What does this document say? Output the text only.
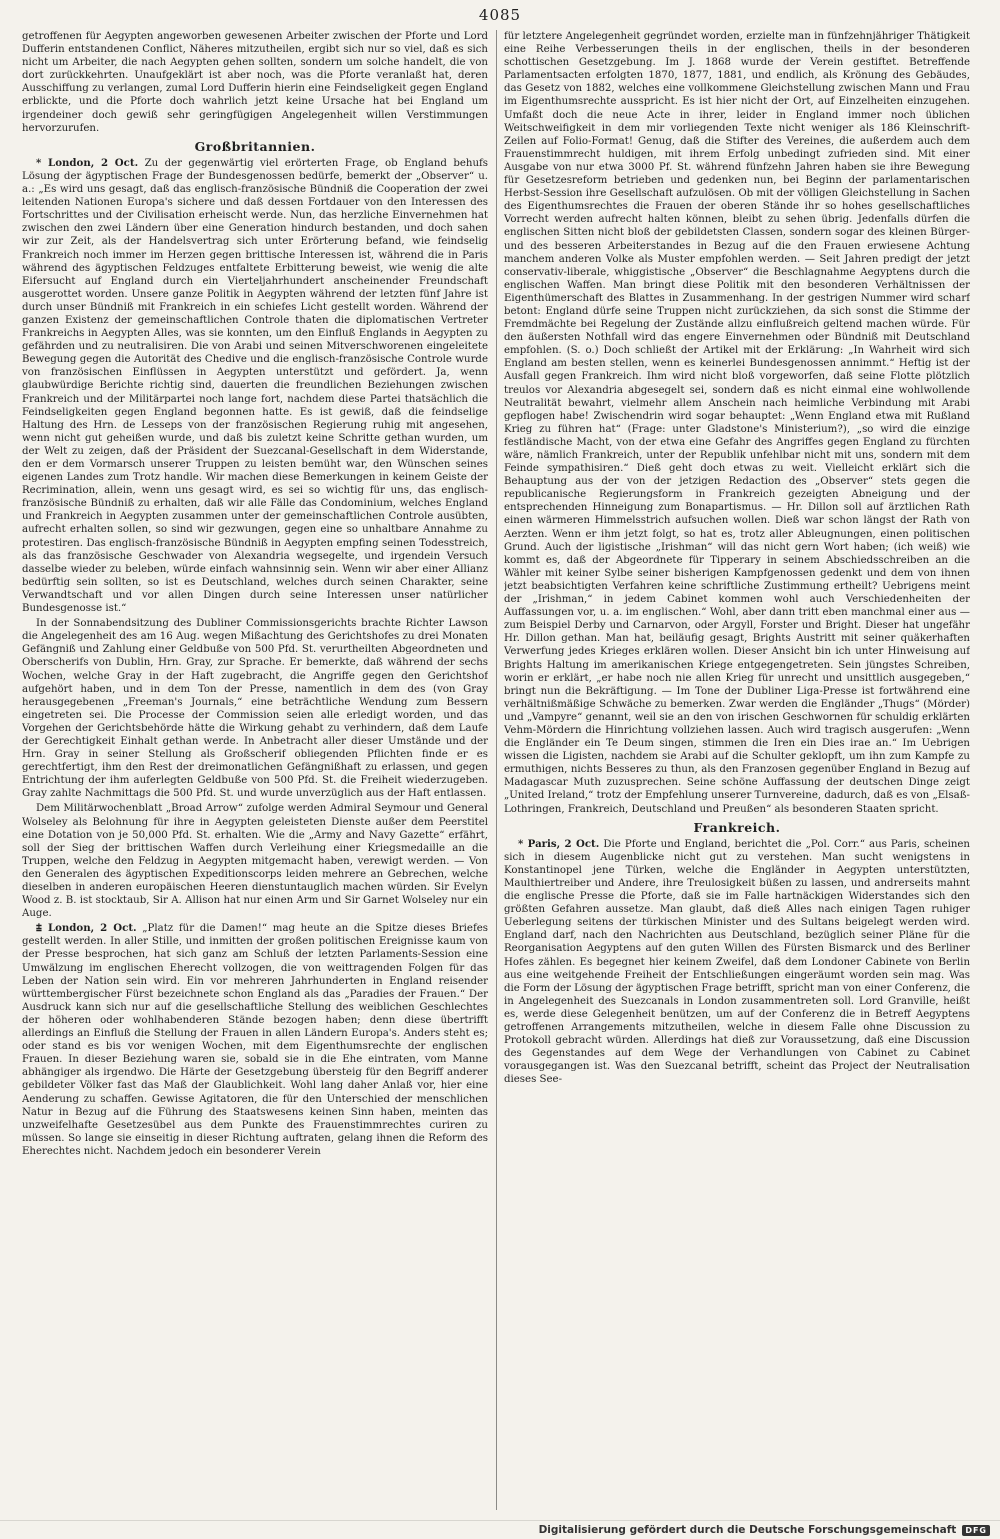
4085

getroffenen für Aegypten angeworben gewesenen Arbeiter zwischen der Pforte und Lord Dufferin entstandenen Conflict, Näheres mitzutheilen, ergibt sich nur so viel, daß es sich nicht um Arbeiter, die nach Aegypten gehen sollten, sondern um solche handelt, die von dort zurückkehrten. Unaufgeklärt ist aber noch, was die Pforte veranlaßt hat, deren Ausschiffung zu verlangen, zumal Lord Dufferin hierin eine Feindseligkeit gegen England erblickte, und die Pforte doch wahrlich jetzt keine Ursache hat bei England um irgendeiner doch gewiß sehr geringfügigen Angelegenheit willen Verstimmungen hervorzurufen.

Großbritannien.

* London, 2 Oct. Zu der gegenwärtig viel erörterten Frage, ob England behufs Lösung der ägyptischen Frage der Bundesgenossen bedürfe, bemerkt der „Observer“ u. a.: „Es wird uns gesagt, daß das englisch-französische Bündniß die Cooperation der zwei leitenden Nationen Europa's sichere und daß dessen Fortdauer von den Interessen des Fortschrittes und der Civilisation erheischt werde. Nun, das herzliche Einvernehmen hat zwischen den zwei Ländern über eine Generation hindurch bestanden, und doch sahen wir zur Zeit, als der Handelsvertrag sich unter Erörterung befand, wie feindselig Frankreich noch immer im Herzen gegen brittische Interessen ist, während die in Paris während des ägyptischen Feldzuges entfaltete Erbitterung beweist, wie wenig die alte Eifersucht auf England durch ein Vierteljahrhundert anscheinender Freundschaft ausgerottet worden. Unsere ganze Politik in Aegypten während der letzten fünf Jahre ist durch unser Bündniß mit Frankreich in ein schiefes Licht gestellt worden. Während der ganzen Existenz der gemeinschaftlichen Controle thaten die diplomatischen Vertreter Frankreichs in Aegypten Alles, was sie konnten, um den Einfluß Englands in Aegypten zu gefährden und zu neutralisiren. Die von Arabi und seinen Mitverschworenen eingeleitete Bewegung gegen die Autorität des Chedive und die englisch-französische Controle wurde von französischen Einflüssen in Aegypten unterstützt und gefördert. Ja, wenn glaubwürdige Berichte richtig sind, dauerten die freundlichen Beziehungen zwischen Frankreich und der Militärpartei noch lange fort, nachdem diese Partei thatsächlich die Feindseligkeiten gegen England begonnen hatte. Es ist gewiß, daß die feindselige Haltung des Hrn. de Lesseps von der französischen Regierung ruhig mit angesehen, wenn nicht gut geheißen wurde, und daß bis zuletzt keine Schritte gethan wurden, um der Welt zu zeigen, daß der Präsident der Suezcanal-Gesellschaft in dem Widerstande, den er dem Vormarsch unserer Truppen zu leisten bemüht war, den Wünschen seines eigenen Landes zum Trotz handle. Wir machen diese Bemerkungen in keinem Geiste der Recrimination, allein, wenn uns gesagt wird, es sei so wichtig für uns, das englisch-französische Bündniß zu erhalten, daß wir alle Fälle das Condominium, welches England und Frankreich in Aegypten zusammen unter der gemeinschaftlichen Controle ausübten, aufrecht erhalten sollen, so sind wir gezwungen, gegen eine so unhaltbare Annahme zu protestiren. Das englisch-französische Bündniß in Aegypten empfing seinen Todesstreich, als das französische Geschwader von Alexandria wegsegelte, und irgendein Versuch dasselbe wieder zu beleben, würde einfach wahnsinnig sein. Wenn wir aber einer Allianz bedürftig sein sollten, so ist es Deutschland, welches durch seinen Charakter, seine Verwandtschaft und vor allen Dingen durch seine Interessen unser natürlicher Bundesgenosse ist.“

In der Sonnabendsitzung des Dubliner Commissionsgerichts brachte Richter Lawson die Angelegenheit des am 16 Aug. wegen Mißachtung des Gerichtshofes zu drei Monaten Gefängniß und Zahlung einer Geldbuße von 500 Pfd. St. verurtheilten Abgeordneten und Oberscherifs von Dublin, Hrn. Gray, zur Sprache. Er bemerkte, daß während der sechs Wochen, welche Gray in der Haft zugebracht, die Angriffe gegen den Gerichtshof aufgehört haben, und in dem Ton der Presse, namentlich in dem des (von Gray herausgegebenen „Freeman's Journals,“ eine beträchtliche Wendung zum Bessern eingetreten sei. Die Processe der Commission seien alle erledigt worden, und das Vorgehen der Gerichtsbehörde hätte die Wirkung gehabt zu verhindern, daß dem Laufe der Gerechtigkeit Einhalt gethan werde. In Anbetracht aller dieser Umstände und der Hrn. Gray in seiner Stellung als Großscherif obliegenden Pflichten finde er es gerechtfertigt, ihm den Rest der dreimonatlichen Gefängnißhaft zu erlassen, und gegen Entrichtung der ihm auferlegten Geldbuße von 500 Pfd. St. die Freiheit wiederzugeben. Gray zahlte Nachmittags die 500 Pfd. St. und wurde unverzüglich aus der Haft entlassen.

Dem Militärwochenblatt „Broad Arrow“ zufolge werden Admiral Seymour und General Wolseley als Belohnung für ihre in Aegypten geleisteten Dienste außer dem Peerstitel eine Dotation von je 50,000 Pfd. St. erhalten. Wie die „Army and Navy Gazette“ erfährt, soll der Sieg der brittischen Waffen durch Verleihung einer Kriegsmedaille an die Truppen, welche den Feldzug in Aegypten mitgemacht haben, verewigt werden. — Von den Generalen des ägyptischen Expeditionscorps leiden mehrere an Gebrechen, welche dieselben in anderen europäischen Heeren dienstuntauglich machen würden. Sir Evelyn Wood z. B. ist stocktaub, Sir A. Allison hat nur einen Arm und Sir Garnet Wolseley nur ein Auge.

⩲ London, 2 Oct. „Platz für die Damen!“ mag heute an die Spitze dieses Briefes gestellt werden. In aller Stille, und inmitten der großen politischen Ereignisse kaum von der Presse besprochen, hat sich ganz am Schluß der letzten Parlaments-Session eine Umwälzung im englischen Eherecht vollzogen, die von weittragenden Folgen für das Leben der Nation sein wird. Ein vor mehreren Jahrhunderten in England reisender württembergischer Fürst bezeichnete schon England als das „Paradies der Frauen.“ Der Ausdruck kann sich nur auf die gesellschaftliche Stellung des weiblichen Geschlechtes der höheren oder wohlhabenderen Stände bezogen haben; denn diese übertrifft allerdings an Einfluß die Stellung der Frauen in allen Ländern Europa's. Anders steht es; oder stand es bis vor wenigen Wochen, mit dem Eigenthumsrechte der englischen Frauen. In dieser Beziehung waren sie, sobald sie in die Ehe eintraten, vom Manne abhängiger als irgendwo. Die Härte der Gesetzgebung übersteig für den Begriff anderer gebildeter Völker fast das Maß der Glaublichkeit. Wohl lang daher Anlaß vor, hier eine Aenderung zu schaffen. Gewisse Agitatoren, die für den Unterschied der menschlichen Natur in Bezug auf die Führung des Staatswesens keinen Sinn haben, meinten das unzweifelhafte Gesetzesübel aus dem Punkte des Frauenstimmrechtes curiren zu müssen. So lange sie einseitig in dieser Richtung auftraten, gelang ihnen die Reform des Eherechtes nicht. Nachdem jedoch ein besonderer Verein

für letztere Angelegenheit gegründet worden, erzielte man in fünfzehnjähriger Thätigkeit eine Reihe Verbesserungen theils in der englischen, theils in der besonderen schottischen Gesetzgebung. Im J. 1868 wurde der Verein gestiftet. Betreffende Parlamentsacten erfolgten 1870, 1877, 1881, und endlich, als Krönung des Gebäudes, das Gesetz von 1882, welches eine vollkommene Gleichstellung zwischen Mann und Frau im Eigenthumsrechte ausspricht. Es ist hier nicht der Ort, auf Einzelheiten einzugehen. Umfaßt doch die neue Acte in ihrer, leider in England immer noch üblichen Weitschweifigkeit in dem mir vorliegenden Texte nicht weniger als 186 Kleinschrift-Zeilen auf Folio-Format! Genug, daß die Stifter des Vereines, die außerdem auch dem Frauenstimmrecht huldigen, mit ihrem Erfolg unbedingt zufrieden sind. Mit einer Ausgabe von nur etwa 3000 Pf. St. während fünfzehn Jahren haben sie ihre Bewegung für Gesetzesreform betrieben und gedenken nun, bei Beginn der parlamentarischen Herbst-Session ihre Gesellschaft aufzulösen. Ob mit der völligen Gleichstellung in Sachen des Eigenthumsrechtes die Frauen der oberen Stände ihr so hohes gesellschaftliches Vorrecht werden aufrecht halten können, bleibt zu sehen übrig. Jedenfalls dürfen die englischen Sitten nicht bloß der gebildetsten Classen, sondern sogar des kleinen Bürger- und des besseren Arbeiterstandes in Bezug auf die den Frauen erwiesene Achtung manchem anderen Volke als Muster empfohlen werden. — Seit Jahren predigt der jetzt conservativ-liberale, whiggistische „Observer“ die Beschlagnahme Aegyptens durch die englischen Waffen. Man bringt diese Politik mit den besonderen Verhältnissen der Eigenthümerschaft des Blattes in Zusammenhang. In der gestrigen Nummer wird scharf betont: England dürfe seine Truppen nicht zurückziehen, da sich sonst die Stimme der Fremdmächte bei Regelung der Zustände allzu einflußreich geltend machen würde. Für den äußersten Nothfall wird das engere Einvernehmen oder Bündniß mit Deutschland empfohlen. (S. o.) Doch schließt der Artikel mit der Erklärung: „In Wahrheit wird sich England am besten stellen, wenn es keinerlei Bundesgenossen annimmt.“ Heftig ist der Ausfall gegen Frankreich. Ihm wird nicht bloß vorgeworfen, daß seine Flotte plötzlich treulos vor Alexandria abgesegelt sei, sondern daß es nicht einmal eine wohlwollende Neutralität bewahrt, vielmehr allem Anschein nach heimliche Verbindung mit Arabi gepflogen habe! Zwischendrin wird sogar behauptet: „Wenn England etwa mit Rußland Krieg zu führen hat“ (Frage: unter Gladstone's Ministerium?), „so wird die einzige festländische Macht, von der etwa eine Gefahr des Angriffes gegen England zu fürchten wäre, nämlich Frankreich, unter der Republik unfehlbar nicht mit uns, sondern mit dem Feinde sympathisiren.“ Dieß geht doch etwas zu weit. Vielleicht erklärt sich die Behauptung aus der von der jetzigen Redaction des „Observer“ stets gegen die republicanische Regierungsform in Frankreich gezeigten Abneigung und der entsprechenden Hinneigung zum Bonapartismus. — Hr. Dillon soll auf ärztlichen Rath einen wärmeren Himmelsstrich aufsuchen wollen. Dieß war schon längst der Rath von Aerzten. Wenn er ihm jetzt folgt, so hat es, trotz aller Ableugnungen, einen politischen Grund. Auch der ligistische „Irishman“ will das nicht gern Wort haben; (ich weiß) wie kommt es, daß der Abgeordnete für Tipperary in seinem Abschiedsschreiben an die Wähler mit keiner Sylbe seiner bisherigen Kampfgenossen gedenkt und dem von ihnen jetzt beabsichtigten Verfahren keine schriftliche Zustimmung ertheilt? Uebrigens meint der „Irishman,“ in jedem Cabinet kommen wohl auch Verschiedenheiten der Auffassungen vor, u. a. im englischen.“ Wohl, aber dann tritt eben manchmal einer aus — zum Beispiel Derby und Carnarvon, oder Argyll, Forster und Bright. Dieser hat ungefähr Hr. Dillon gethan. Man hat, beiläufig gesagt, Brights Austritt mit seiner quäkerhaften Verwerfung jedes Krieges erklären wollen. Dieser Ansicht bin ich unter Hinweisung auf Brights Haltung im amerikanischen Kriege entgegengetreten. Sein jüngstes Schreiben, worin er erklärt, „er habe noch nie allen Krieg für unrecht und unsittlich ausgegeben,“ bringt nun die Bekräftigung. — Im Tone der Dubliner Liga-Presse ist fortwährend eine verhältnißmäßige Schwäche zu bemerken. Zwar werden die Engländer „Thugs“ (Mörder) und „Vampyre“ genannt, weil sie an den von irischen Geschwornen für schuldig erklärten Vehm-Mördern die Hinrichtung vollziehen lassen. Auch wird tragisch ausgerufen: „Wenn die Engländer ein Te Deum singen, stimmen die Iren ein Dies irae an.“ Im Uebrigen wissen die Ligisten, nachdem sie Arabi auf die Schulter geklopft, um ihn zum Kampfe zu ermuthigen, nichts Besseres zu thun, als den Franzosen gegenüber England in Bezug auf Madagascar Muth zuzusprechen. Seine schöne Auffassung der deutschen Dinge zeigt „United Ireland,“ trotz der Empfehlung unserer Turnvereine, dadurch, daß es von „Elsaß-Lothringen, Frankreich, Deutschland und Preußen“ als besonderen Staaten spricht.

Frankreich.

* Paris, 2 Oct. Die Pforte und England, berichtet die „Pol. Corr.“ aus Paris, scheinen sich in diesem Augenblicke nicht gut zu verstehen. Man sucht wenigstens in Konstantinopel jene Türken, welche die Engländer in Aegypten unterstützten, Maulthiertreiber und Andere, ihre Treulosigkeit büßen zu lassen, und andrerseits mahnt die englische Presse die Pforte, daß sie im Falle hartnäckigen Widerstandes sich den größten Gefahren aussetze. Man glaubt, daß dieß Alles nach einigen Tagen ruhiger Ueberlegung seitens der türkischen Minister und des Sultans beigelegt werden wird. England darf, nach den Nachrichten aus Deutschland, bezüglich seiner Pläne für die Reorganisation Aegyptens auf den guten Willen des Fürsten Bismarck und des Berliner Hofes zählen. Es begegnet hier keinem Zweifel, daß dem Londoner Cabinete von Berlin aus eine weitgehende Freiheit der Entschließungen eingeräumt worden sein mag. Was die Form der Lösung der ägyptischen Frage betrifft, spricht man von einer Conferenz, die in Angelegenheit des Suezcanals in London zusammentreten soll. Lord Granville, heißt es, werde diese Gelegenheit benützen, um auf der Conferenz die in Betreff Aegyptens getroffenen Arrangements mitzutheilen, welche in diesem Falle ohne Discussion zu Protokoll gebracht würden. Allerdings hat dieß zur Voraussetzung, daß eine Discussion des Gegenstandes auf dem Wege der Verhandlungen von Cabinet zu Cabinet vorausgegangen ist. Was den Suezcanal betrifft, scheint das Project der Neutralisation dieses See-

Digitalisierung gefördert durch die Deutsche Forschungsgemeinschaft	DFG
